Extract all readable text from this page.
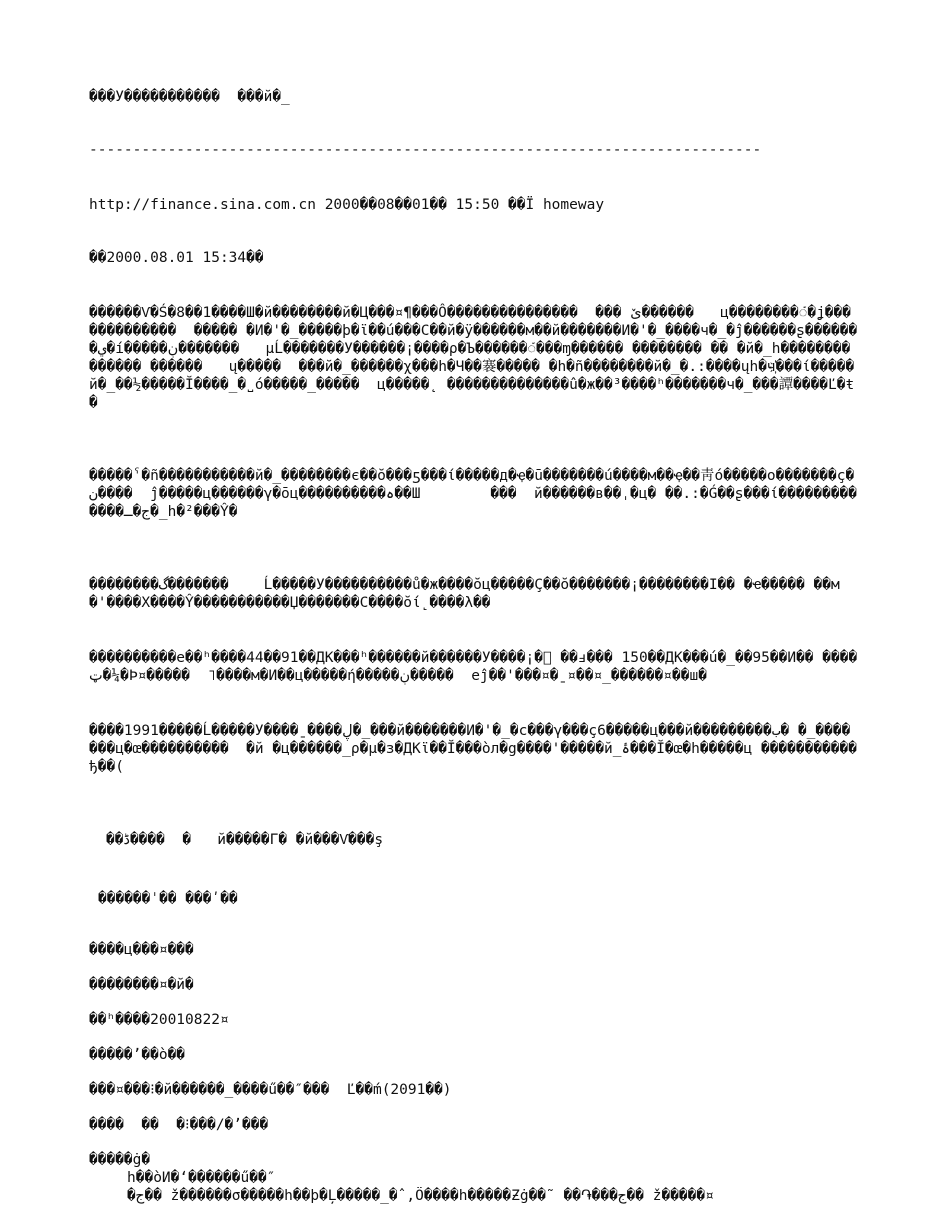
���У�����������  ���й�_
-----------------------------------------------------------------------------
http://finance.sina.com.cn 2000��08��01�� 15:50 ��Ϊ homeway
��2000.08.01 15:34��
������Ѵ�Ś�8��1����Ш�й��������й�Ц���¤¶���Ô���������������  ��� ێ������   ц��������ꦁ�ʝ�������������  ����� �И�'�_�����ϸ�ϊ��ú���C��й�ÿ������м��й�������И�'�_����ч�_�ĵ������ʂ�������ي�í�����ڹ�������   µĹ�������У������¡����ρ�Ъ������ꦁ���ɱ������ �������� �� �й�_h�������������� ������   ų�����  ���й�_������χ���h�Ч��褰����� �h�ñ��������й�_�.:����ųh�ч҉���ί�����й�_��½�����Ĭ����_�˽ó�����_�����  ц�����˛ ��������������û�ж��³����ʰ�������ч�_���譚����Ľ�ŧ�
�����ˁ�ñ�����������й�_��������є��ŏ���ƽ���ί�����д�ҿ�ū�������ú����м��ҿ��靑ó�����о�������ç�ن����  ĵ�����ц������γ�ōц����������ہ��Ш        ���  й������в��ˌ�ц� ��.:�Ǵ��ʂ���ί�������������ج�ـ�_h�²���Ŷ�
��������گ�������    Ĺ�����У����������ů�ж����ŏц�����Ç��ŏ�������¡��������Ι�� �ҽ����� ��м�'����Χ����Ŷ�����������Џ�������C����ŏί˻����λ��
����������е��ʰ����44��91��ДК���ʰ������й������У����¡�ͣ ��ⅎ��� 150��ДК���ú�_��95��И�� ����ټ�¼�Ϸ¤�����  ˥����м�И��ц�����ή�����ڹ�����  еĵ��'���¤�ˍ¤��¤_������¤��ш�
����1991�����Ĺ�����У����ˍ����ڸ�_���й�������И�'�_�с���γ���ç6�����ц���й���������ب� �_�������ц�œ����������  �й �ц������_ρ�µ�з�ДКϊ��Ĭ���òл�g����'�����й_ۂ���Ĭ�œ�h�����ц �����������ђ��(
��ڈ����  �   й�����Г� �й���Ѵ���ş
������ˈ�� ���ʹ��
����ц���¤���
��������¤�й�
��ʰ����20010822¤
�����ʼ��ò��
���¤���⁝�й������_����ű��″���  Ľ��ḿ(2091��)
����  ��  �⁝���/�ʼ���
�����ġ�
h��òИ�ʻ������ű��″
�ج�� ž������σ�����h��þ�Ļ�����_�ˆ,Ö����h�����Ƶġ��˜ ��֏���ج�� ž�����¤
